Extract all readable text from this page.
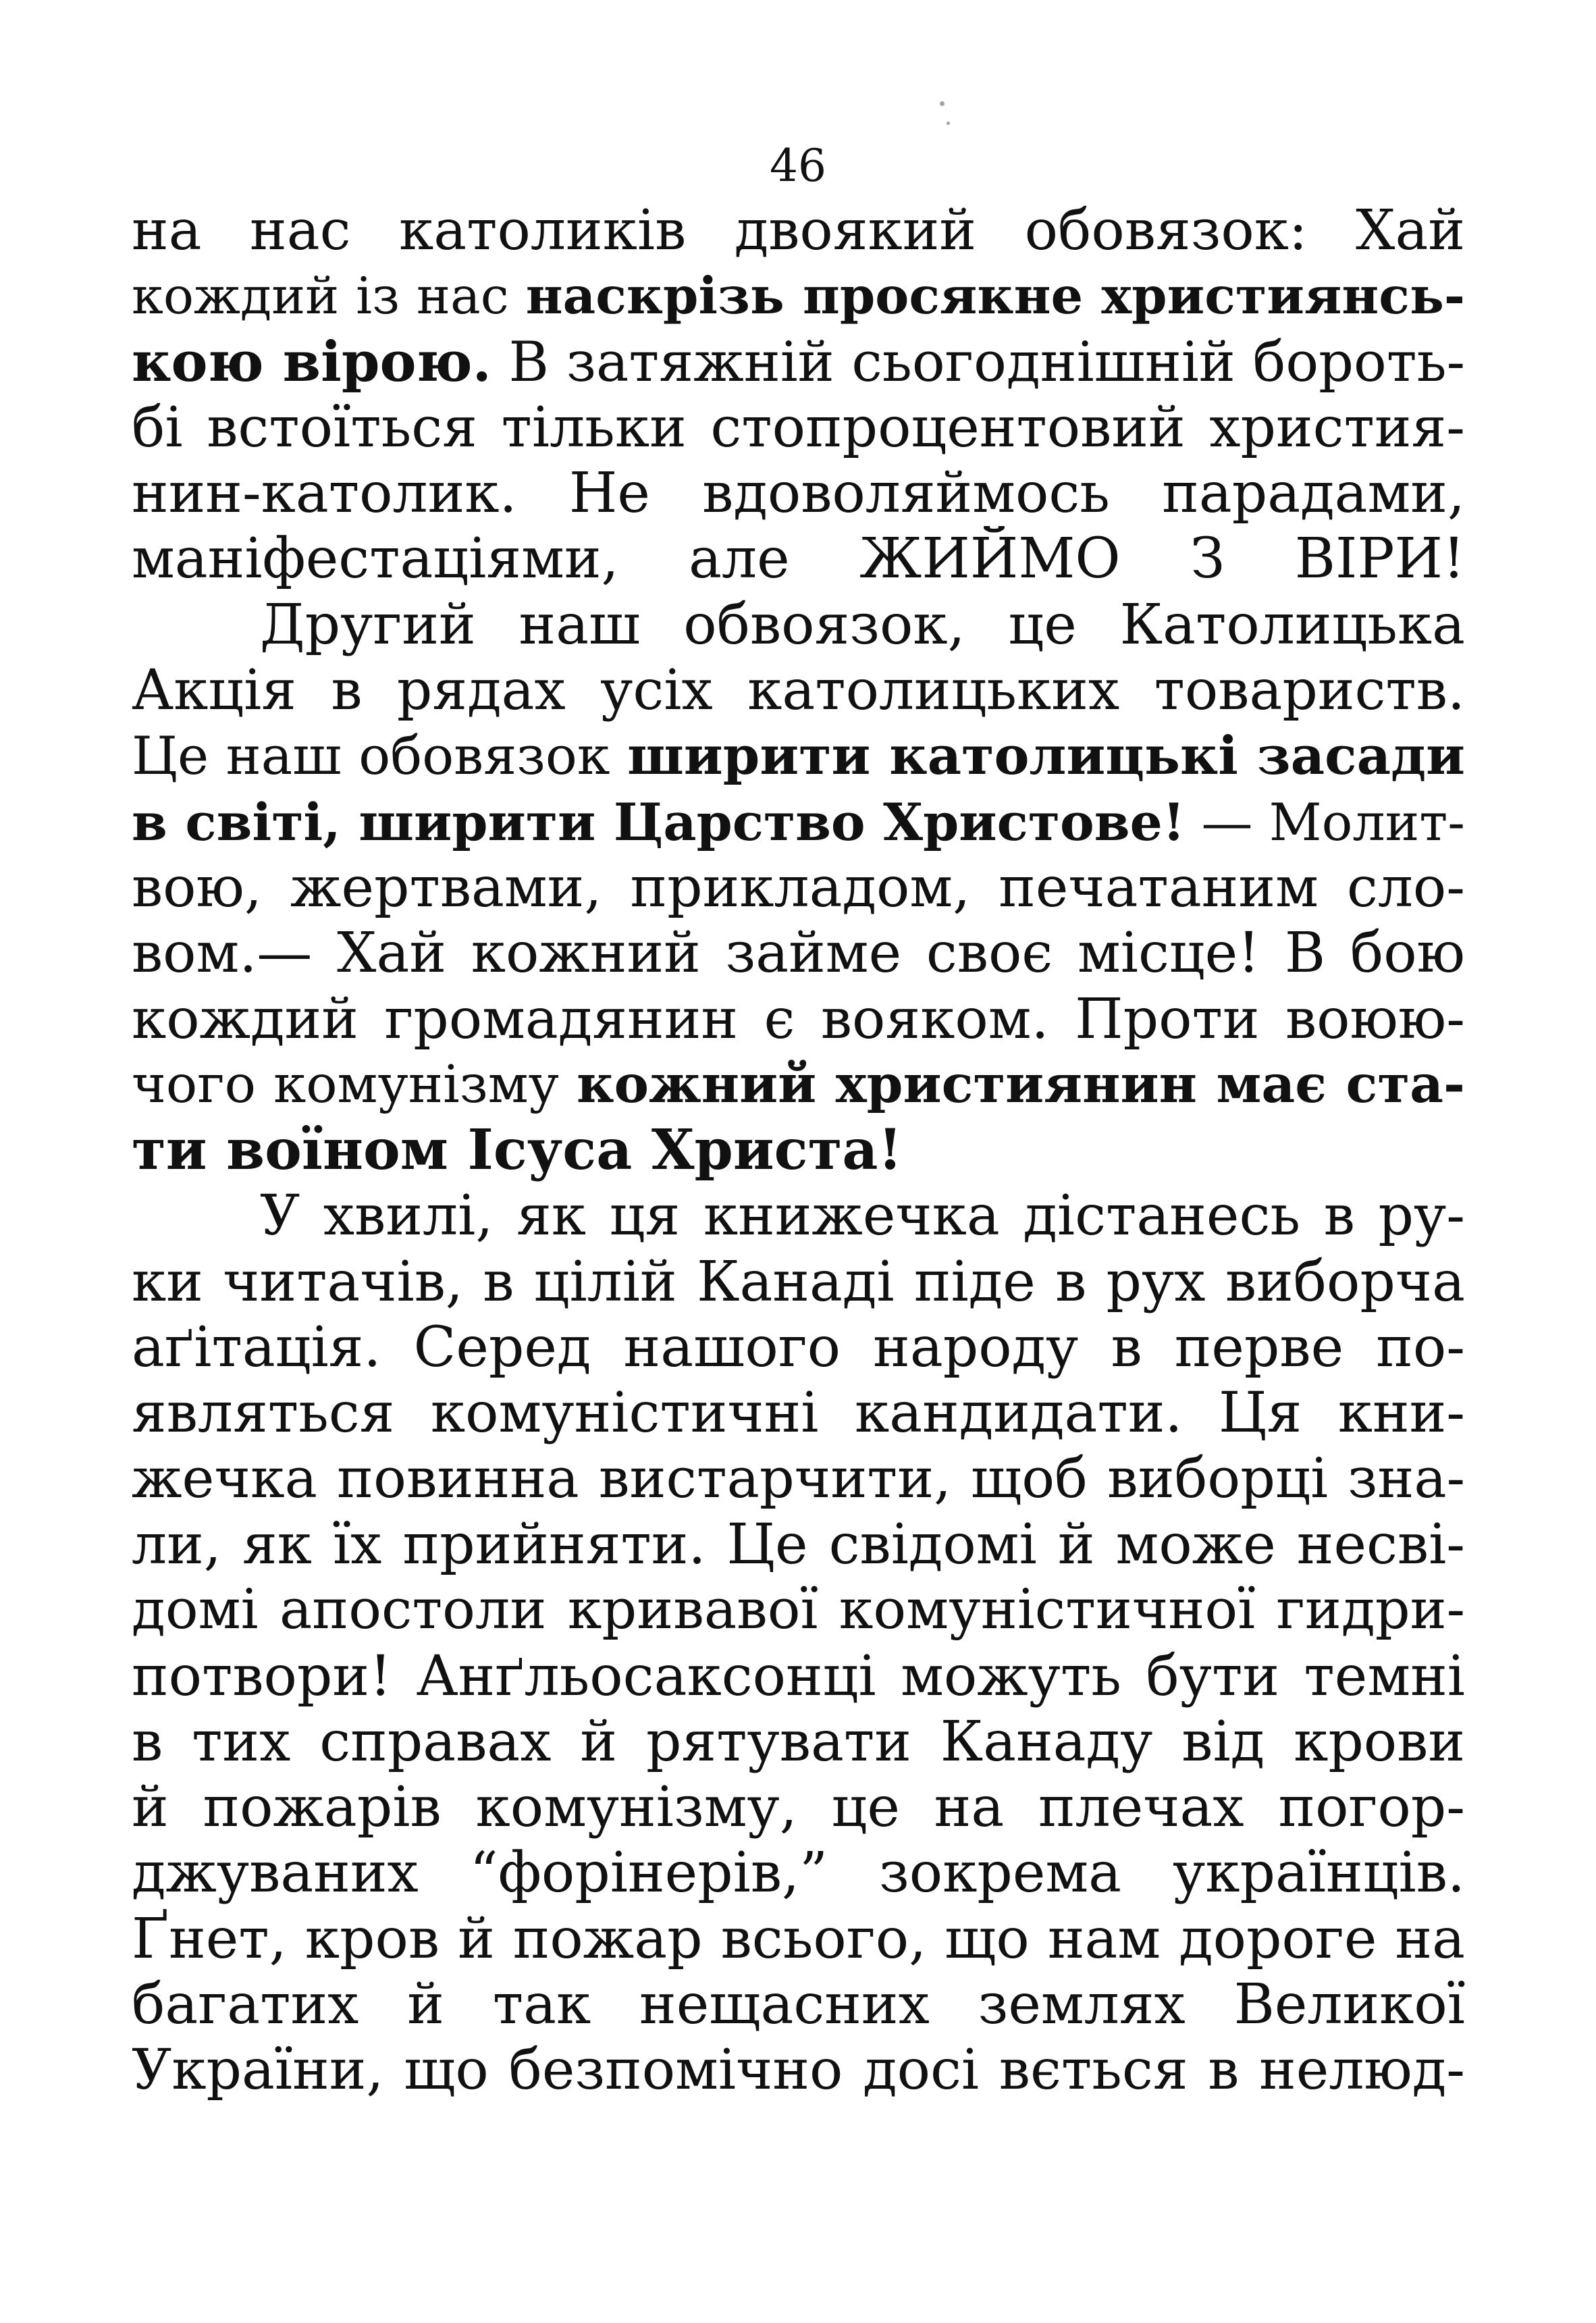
46
на нас католиків двоякий обовязок: Хай
кождий із нас наскрізь просякне християнсь-
кою вірою. В затяжній сьогоднішній бороть-
бі встоїться тільки стопроцентовий христия-
нин-католик. Не вдоволяймось парадами,
маніфестаціями, але ЖИЙМО З ВІРИ!
Другий наш обвоязок, це Католицька
Акція в рядах усіх католицьких товариств.
Це наш обовязок ширити католицькі засади
в світі, ширити Царство Христове! — Молит-
вою, жертвами, прикладом, печатаним сло-
вом.— Хай кожний займе своє місце! В бою
кождий громадянин є вояком. Проти воюю-
чого комунізму кожний християнин має ста-
ти воїном Ісуса Христа!
У хвилі, як ця книжечка дістанесь в ру-
ки читачів, в цілій Канаді піде в рух виборча
аґітація. Серед нашого народу в перве по-
являться комуністичні кандидати. Ця кни-
жечка повинна вистарчити, щоб виборці зна-
ли, як їх прийняти. Це свідомі й може несві-
домі апостоли кривавої комуністичної гидри-
потвори! Анґльосаксонці можуть бути темні
в тих справах й рятувати Канаду від крови
й пожарів комунізму, це на плечах погор-
джуваних “форінерів,” зокрема українців.
Ґнет, кров й пожар всього, що нам дороге на
багатих й так нещасних землях Великої
України, що безпомічно досі вється в нелюд-
